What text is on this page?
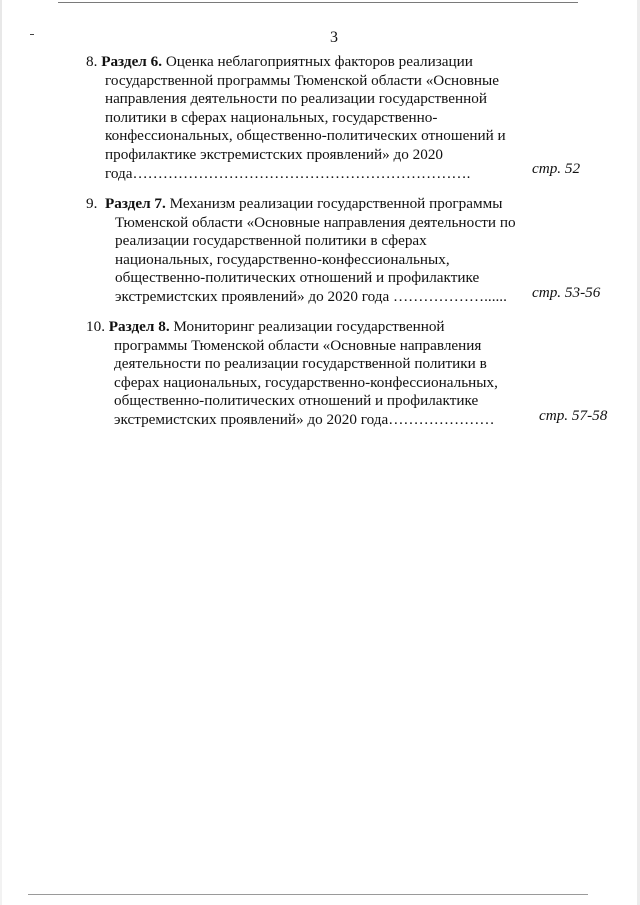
3
8. Раздел 6. Оценка неблагоприятных факторов реализации
государственной программы Тюменской области «Основные
направления деятельности по реализации государственной
политики в сферах национальных, государственно-
конфессиональных, общественно-политических отношений и
профилактике экстремистских проявлений» до 2020
года………………………………………………………….	стр. 52
9. Раздел 7. Механизм реализации государственной программы
Тюменской области «Основные направления деятельности по
реализации государственной политики в сферах
национальных, государственно-конфессиональных,
общественно-политических отношений и профилактике
экстремистских проявлений» до 2020 года ………………......	стр. 53-56
10. Раздел 8. Мониторинг реализации государственной
программы Тюменской области «Основные направления
деятельности по реализации государственной политики в
сферах национальных, государственно-конфессиональных,
общественно-политических отношений и профилактике
экстремистских проявлений» до 2020 года…………………	стр. 57-58
